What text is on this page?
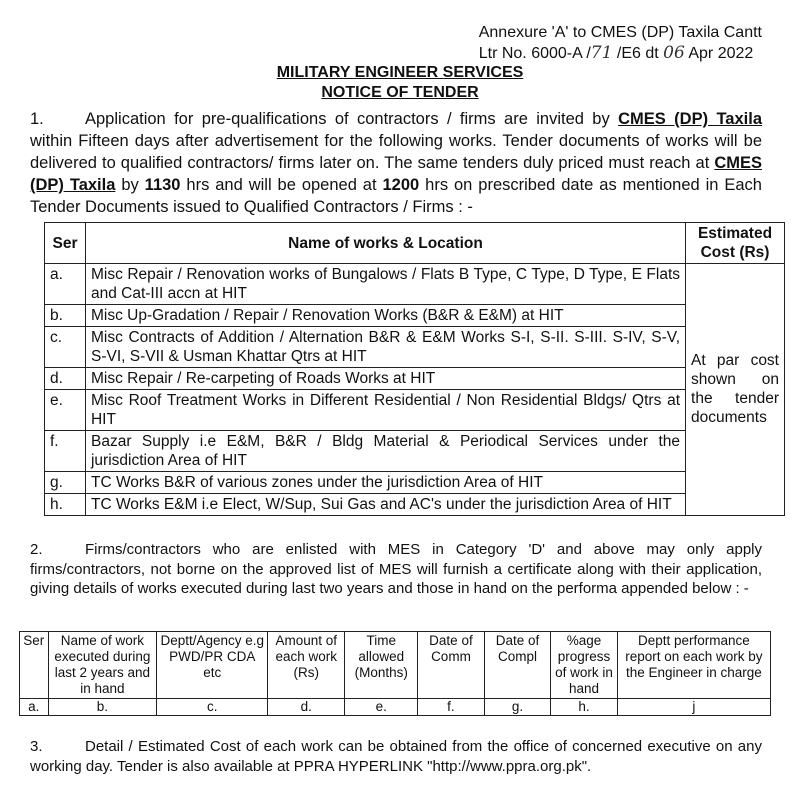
Annexure 'A' to CMES (DP) Taxila Cantt
Ltr No. 6000-A /71 /E6 dt 06 Apr 2022
MILITARY ENGINEER SERVICES
NOTICE OF TENDER
1. Application for pre-qualifications of contractors / firms are invited by CMES (DP) Taxila within Fifteen days after advertisement for the following works. Tender documents of works will be delivered to qualified contractors/ firms later on. The same tenders duly priced must reach at CMES (DP) Taxila by 1130 hrs and will be opened at 1200 hrs on prescribed date as mentioned in Each Tender Documents issued to Qualified Contractors / Firms : -
Ser	Name of works & Location	Estimated Cost (Rs)
a.	Misc Repair / Renovation works of Bungalows / Flats B Type, C Type, D Type, E Flats and Cat-III accn at HIT	At par cost shown on the tender documents
b.	Misc Up-Gradation / Repair / Renovation Works (B&R & E&M) at HIT	
c.	Misc Contracts of Addition / Alternation B&R & E&M Works S-I, S-II. S-III. S-IV, S-V, S-VI, S-VII & Usman Khattar Qtrs at HIT	
d.	Misc Repair / Re-carpeting of Roads Works at HIT	
e.	Misc Roof Treatment Works in Different Residential / Non Residential Bldgs/ Qtrs at HIT	
f.	Bazar Supply i.e E&M, B&R / Bldg Material & Periodical Services under the jurisdiction Area of HIT	
g.	TC Works B&R of various zones under the jurisdiction Area of HIT	
h.	TC Works E&M i.e Elect, W/Sup, Sui Gas and AC's under the jurisdiction Area of HIT	
2.	Firms/contractors who are enlisted with MES in Category 'D' and above may only apply firms/contractors, not borne on the approved list of MES will furnish a certificate along with their application, giving details of works executed during last two years and those in hand on the performa appended below : -
Ser	Name of work executed during last 2 years and in hand	Deptt/Agency e.g PWD/PR CDA etc	Amount of each work (Rs)	Time allowed (Months)	Date of Comm	Date of Compl	%age progress of work in hand	Deptt performance report on each work by the Engineer in charge
a.	b.	c.	d.	e.	f.	g.	h.	j
3.	Detail / Estimated Cost of each work can be obtained from the office of concerned executive on any working day. Tender is also available at PPRA HYPERLINK "http://www.ppra.org.pk".
